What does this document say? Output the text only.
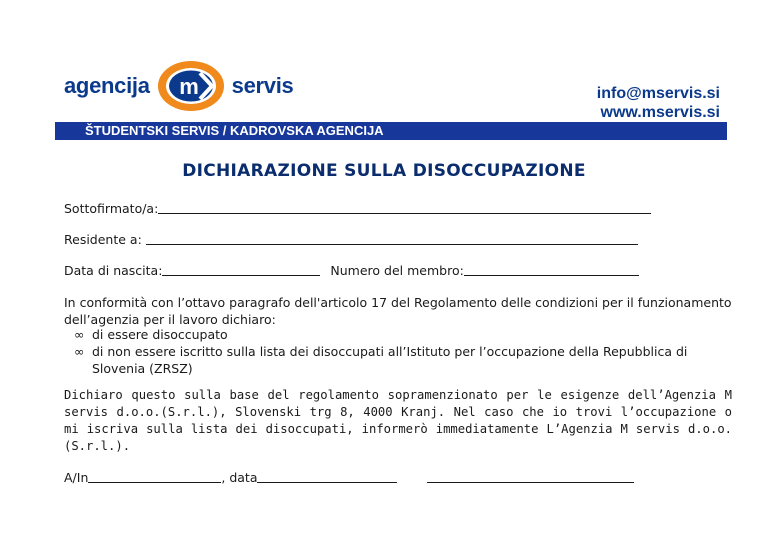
agencija m servis	info@mservis.si
www.mservis.si
ŠTUDENTSKI SERVIS / KADROVSKA AGENCIJA
DICHIARAZIONE SULLA DISOCCUPAZIONE
Sottofirmato/a:
Residente a:
Data di nascita:	Numero del membro:
In conformità con l’ottavo paragrafo dell'articolo 17 del Regolamento delle condizioni per il funzionamento dell’agenzia per il lavoro dichiaro:
∞ di essere disoccupato
∞ di non essere iscritto sulla lista dei disoccupati all’Istituto per l’occupazione della Repubblica di Slovenia (ZRSZ)
Dichiaro questo sulla base del regolamento sopramenzionato per le esigenze dell’Agenzia M servis d.o.o.(S.r.l.), Slovenski trg 8, 4000 Kranj. Nel caso che io trovi l’occupazione o mi iscriva sulla lista dei disoccupati, informerò immediatamente L’Agenzia M servis d.o.o. (S.r.l.).
A/In	, data
